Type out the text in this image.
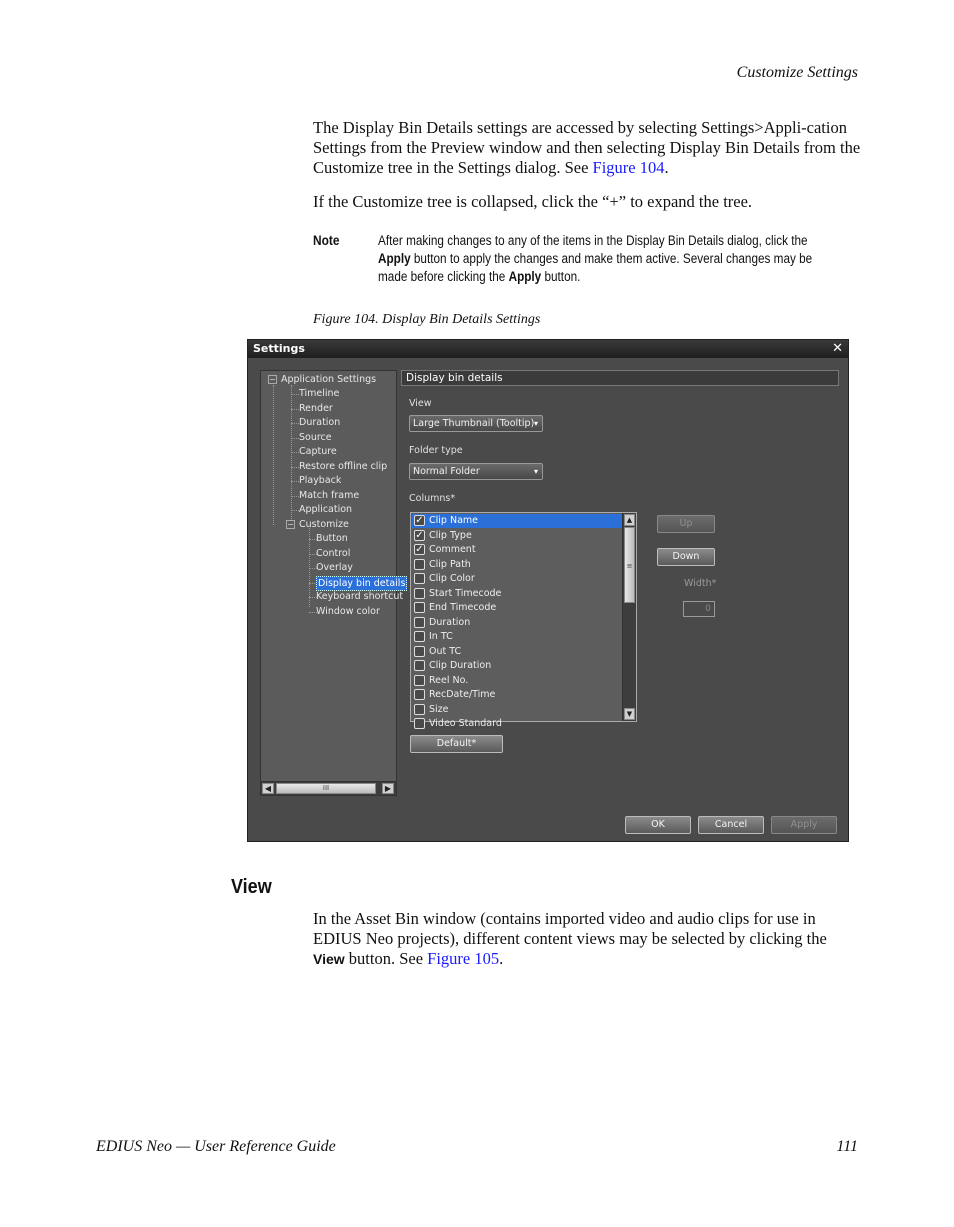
Customize Settings

The Display Bin Details settings are accessed by selecting Settings>Appli-cation Settings from the Preview window and then selecting Display Bin Details from the Customize tree in the Settings dialog. See Figure 104.

If the Customize tree is collapsed, click the “+” to expand the tree.

Note	After making changes to any of the items in the Display Bin Details dialog, click the Apply button to apply the changes and make them active. Several changes may be made before clicking the Apply button.
Figure 104. Display Bin Details Settings
Settings	✕
− Application Settings
Timeline
Render
Duration
Source
Capture
Restore offline clip
Playback
Match frame
Application
− Customize
Button
Control
Overlay
Display bin details
Keyboard shortcut
Window color
◀	III	▶
Display bin details
View
Large Thumbnail (Tooltip) ▾
Folder type
Normal Folder	▾
Columns*
✓ Clip Name
✓ Clip Type
✓ Comment
Clip Path
Clip Color
Start Timecode
End Timecode
Duration
In TC
Out TC
Clip Duration
Reel No.
RecDate/Time
Size
Video Standard
▲
≡
▼
Up
Down
Width*
0
Default*
OK	Cancel	Apply
View

In the Asset Bin window (contains imported video and audio clips for use in EDIUS Neo projects), different content views may be selected by clicking the View button. See Figure 105.

EDIUS Neo — User Reference Guide	111
